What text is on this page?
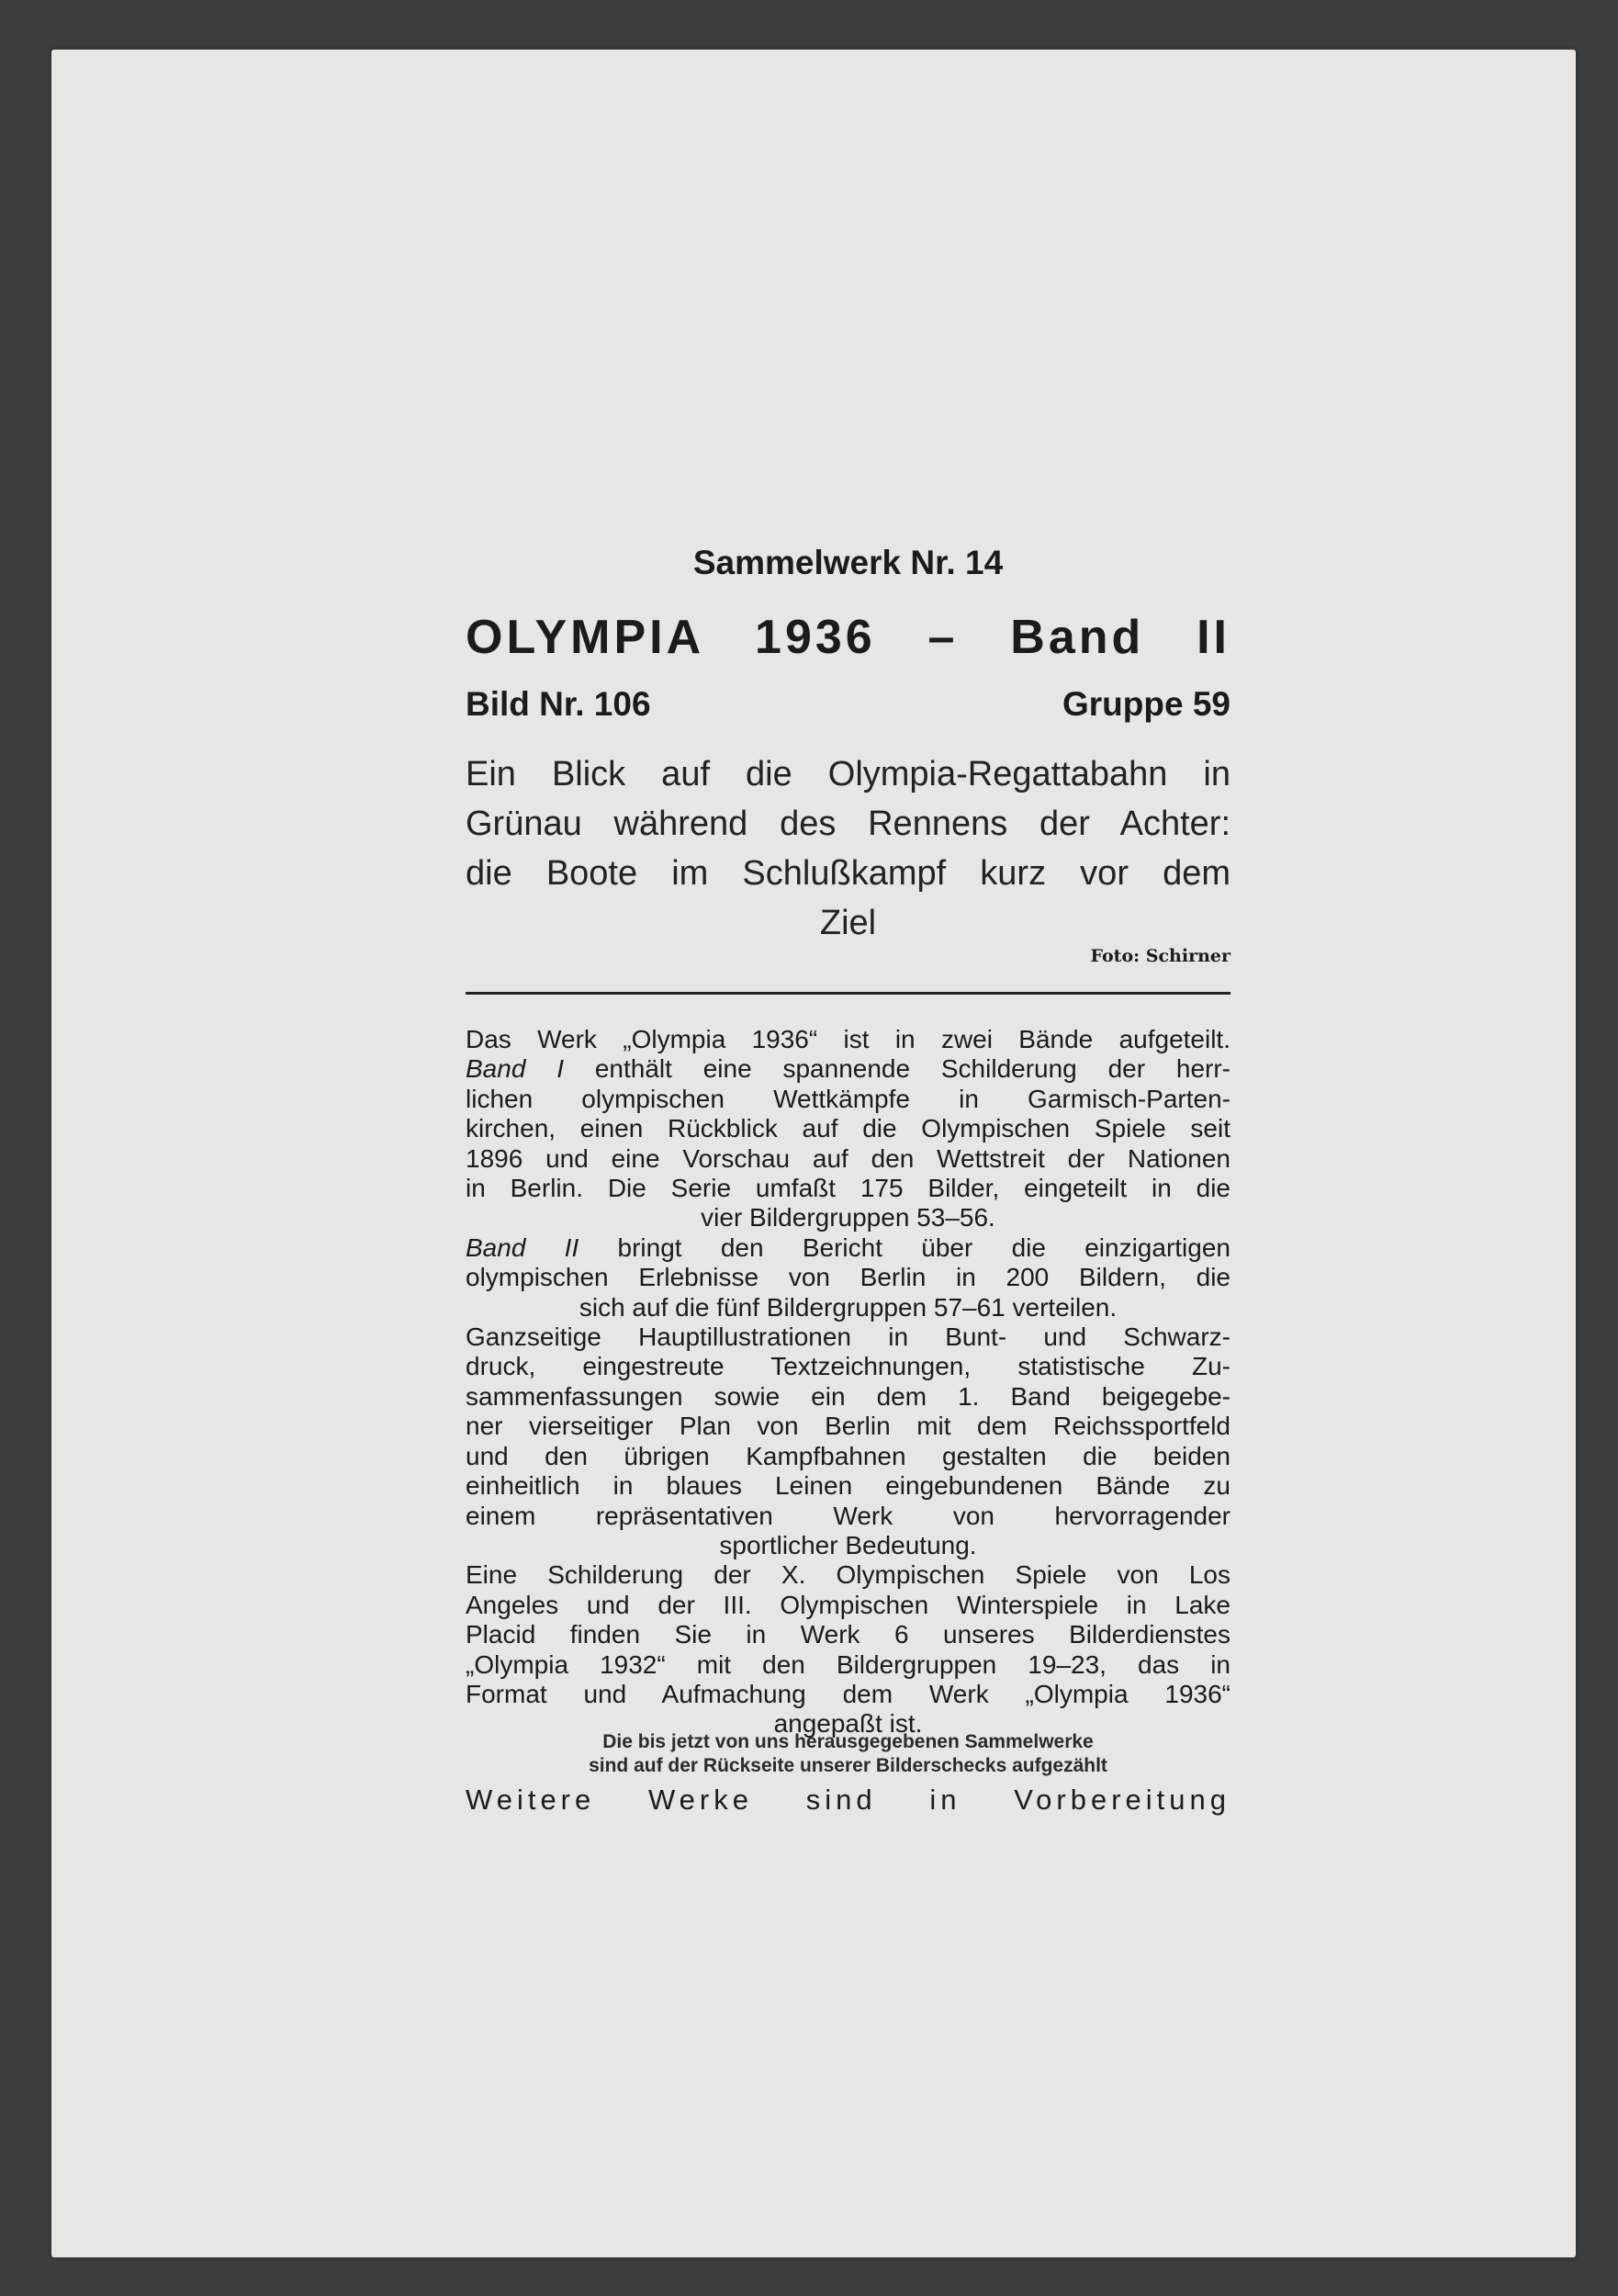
Sammelwerk Nr. 14
OLYMPIA 1936 – Band II
Bild Nr. 106	Gruppe 59
Ein Blick auf die Olympia-Regattabahn in
Grünau während des Rennens der Achter:
die Boote im Schlußkampf kurz vor dem
Ziel
Foto: Schirner
Das Werk „Olympia 1936“ ist in zwei Bände aufgeteilt.
Band I enthält eine spannende Schilderung der herr-
lichen olympischen Wettkämpfe in Garmisch-Parten-
kirchen, einen Rückblick auf die Olympischen Spiele seit
1896 und eine Vorschau auf den Wettstreit der Nationen
in Berlin. Die Serie umfaßt 175 Bilder, eingeteilt in die
vier Bildergruppen 53–56.
Band II bringt den Bericht über die einzigartigen
olympischen Erlebnisse von Berlin in 200 Bildern, die
sich auf die fünf Bildergruppen 57–61 verteilen.
Ganzseitige Hauptillustrationen in Bunt- und Schwarz-
druck, eingestreute Textzeichnungen, statistische Zu-
sammenfassungen sowie ein dem 1. Band beigegebe-
ner vierseitiger Plan von Berlin mit dem Reichssportfeld
und den übrigen Kampfbahnen gestalten die beiden
einheitlich in blaues Leinen eingebundenen Bände zu
einem repräsentativen Werk von hervorragender
sportlicher Bedeutung.
Eine Schilderung der X. Olympischen Spiele von Los
Angeles und der III. Olympischen Winterspiele in Lake
Placid finden Sie in Werk 6 unseres Bilderdienstes
„Olympia 1932“ mit den Bildergruppen 19–23, das in
Format und Aufmachung dem Werk „Olympia 1936“
angepaßt ist.
Die bis jetzt von uns herausgegebenen Sammelwerke
sind auf der Rückseite unserer Bilderschecks aufgezählt
Weitere Werke sind in Vorbereitung
